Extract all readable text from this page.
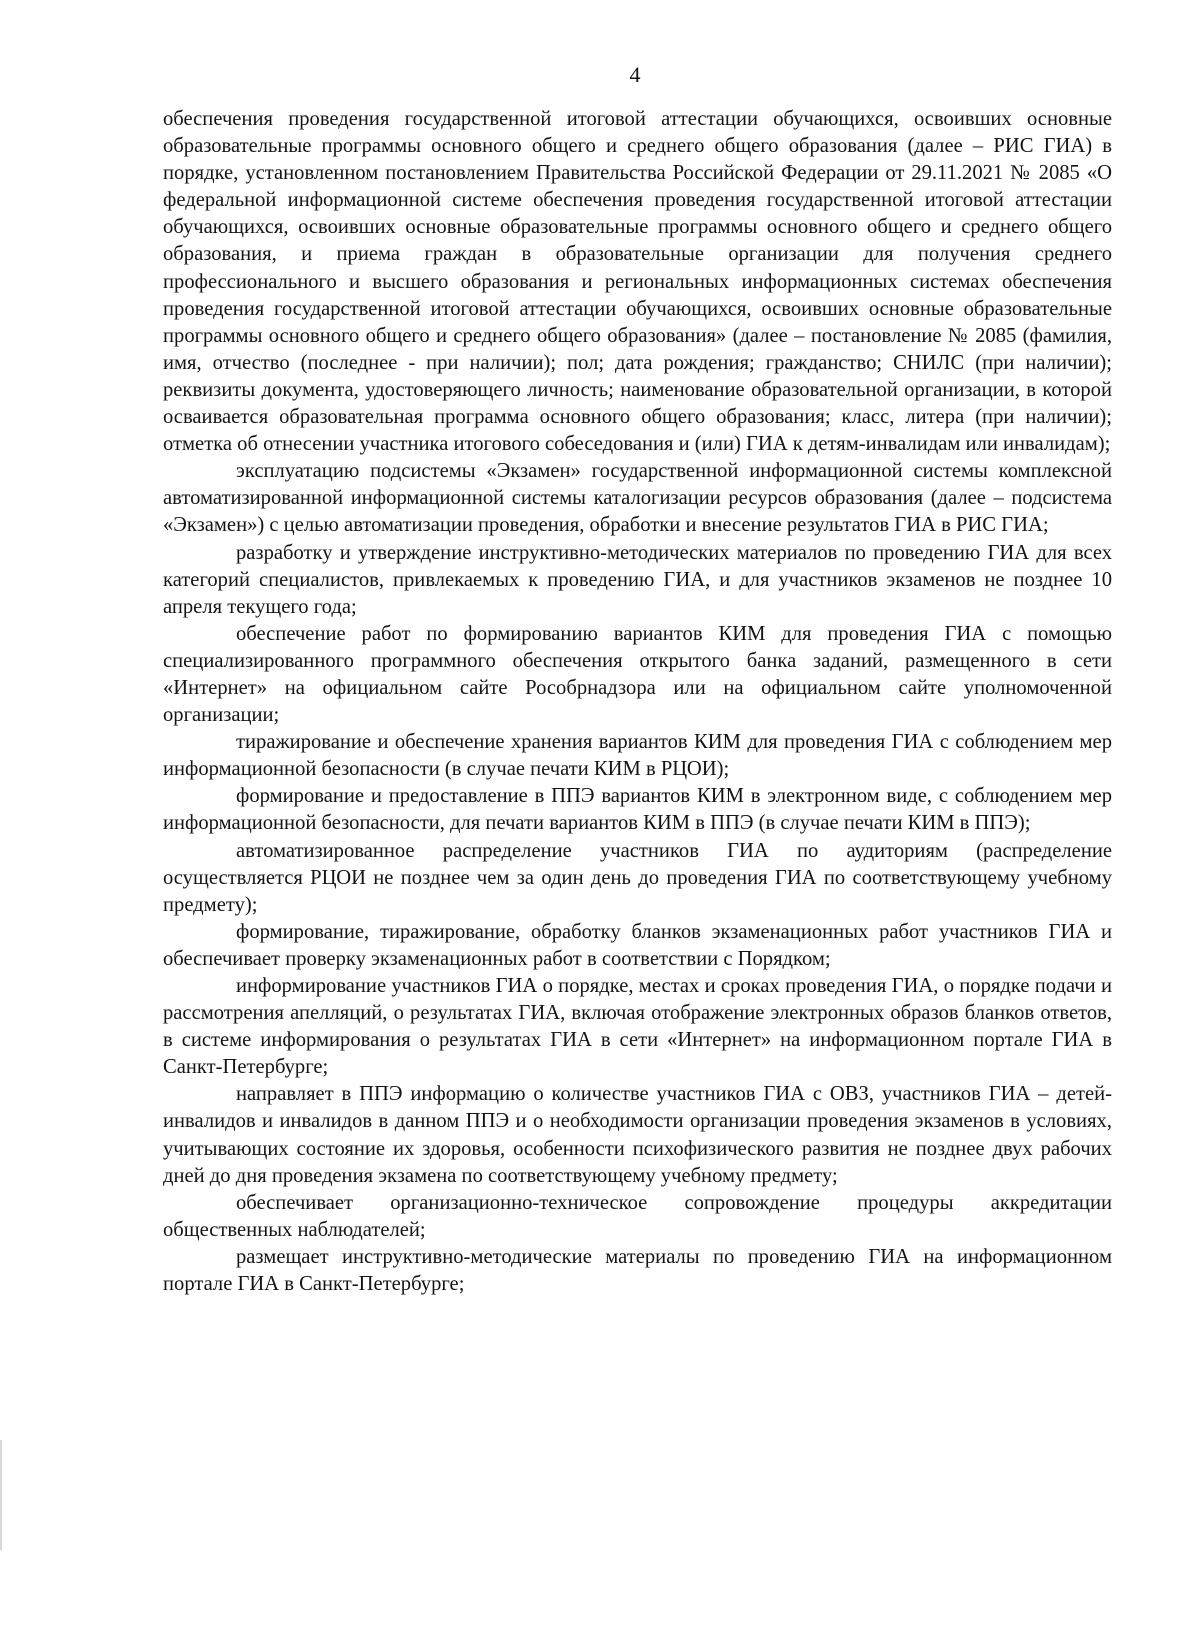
4

обеспечения проведения государственной итоговой аттестации обучающихся, освоивших основные образовательные программы основного общего и среднего общего образования (далее – РИС ГИА) в порядке, установленном постановлением Правительства Российской Федерации от 29.11.2021 № 2085 «О федеральной информационной системе обеспечения проведения государственной итоговой аттестации обучающихся, освоивших основные образовательные программы основного общего и среднего общего образования, и приема граждан в образовательные организации для получения среднего профессионального и высшего образования и региональных информационных системах обеспечения проведения государственной итоговой аттестации обучающихся, освоивших основные образовательные программы основного общего и среднего общего образования» (далее – постановление № 2085 (фамилия, имя, отчество (последнее - при наличии); пол; дата рождения; гражданство; СНИЛС (при наличии); реквизиты документа, удостоверяющего личность; наименование образовательной организации, в которой осваивается образовательная программа основного общего образования; класс, литера (при наличии); отметка об отнесении участника итогового собеседования и (или) ГИА к детям-инвалидам или инвалидам);

эксплуатацию подсистемы «Экзамен» государственной информационной системы комплексной автоматизированной информационной системы каталогизации ресурсов образования (далее – подсистема «Экзамен») с целью автоматизации проведения, обработки и внесение результатов ГИА в РИС ГИА;

разработку и утверждение инструктивно-методических материалов по проведению ГИА для всех категорий специалистов, привлекаемых к проведению ГИА, и для участников экзаменов не позднее 10 апреля текущего года;

обеспечение работ по формированию вариантов КИМ для проведения ГИА с помощью специализированного программного обеспечения открытого банка заданий, размещенного в сети «Интернет» на официальном сайте Рособрнадзора или на официальном сайте уполномоченной организации;

тиражирование и обеспечение хранения вариантов КИМ для проведения ГИА с соблюдением мер информационной безопасности (в случае печати КИМ в РЦОИ);

формирование и предоставление в ППЭ вариантов КИМ в электронном виде, с соблюдением мер информационной безопасности, для печати вариантов КИМ в ППЭ (в случае печати КИМ в ППЭ);

автоматизированное распределение участников ГИА по аудиториям (распределение осуществляется РЦОИ не позднее чем за один день до проведения ГИА по соответствующему учебному предмету);

формирование, тиражирование, обработку бланков экзаменационных работ участников ГИА и обеспечивает проверку экзаменационных работ в соответствии с Порядком;

информирование участников ГИА о порядке, местах и сроках проведения ГИА, о порядке подачи и рассмотрения апелляций, о результатах ГИА, включая отображение электронных образов бланков ответов, в системе информирования о результатах ГИА в сети «Интернет» на информационном портале ГИА в Санкт-Петербурге;

направляет в ППЭ информацию о количестве участников ГИА с ОВЗ, участников ГИА – детей-инвалидов и инвалидов в данном ППЭ и о необходимости организации проведения экзаменов в условиях, учитывающих состояние их здоровья, особенности психофизического развития не позднее двух рабочих дней до дня проведения экзамена по соответствующему учебному предмету;

обеспечивает организационно-техническое сопровождение процедуры аккредитации общественных наблюдателей;

размещает инструктивно-методические материалы по проведению ГИА на информационном портале ГИА в Санкт-Петербурге;
